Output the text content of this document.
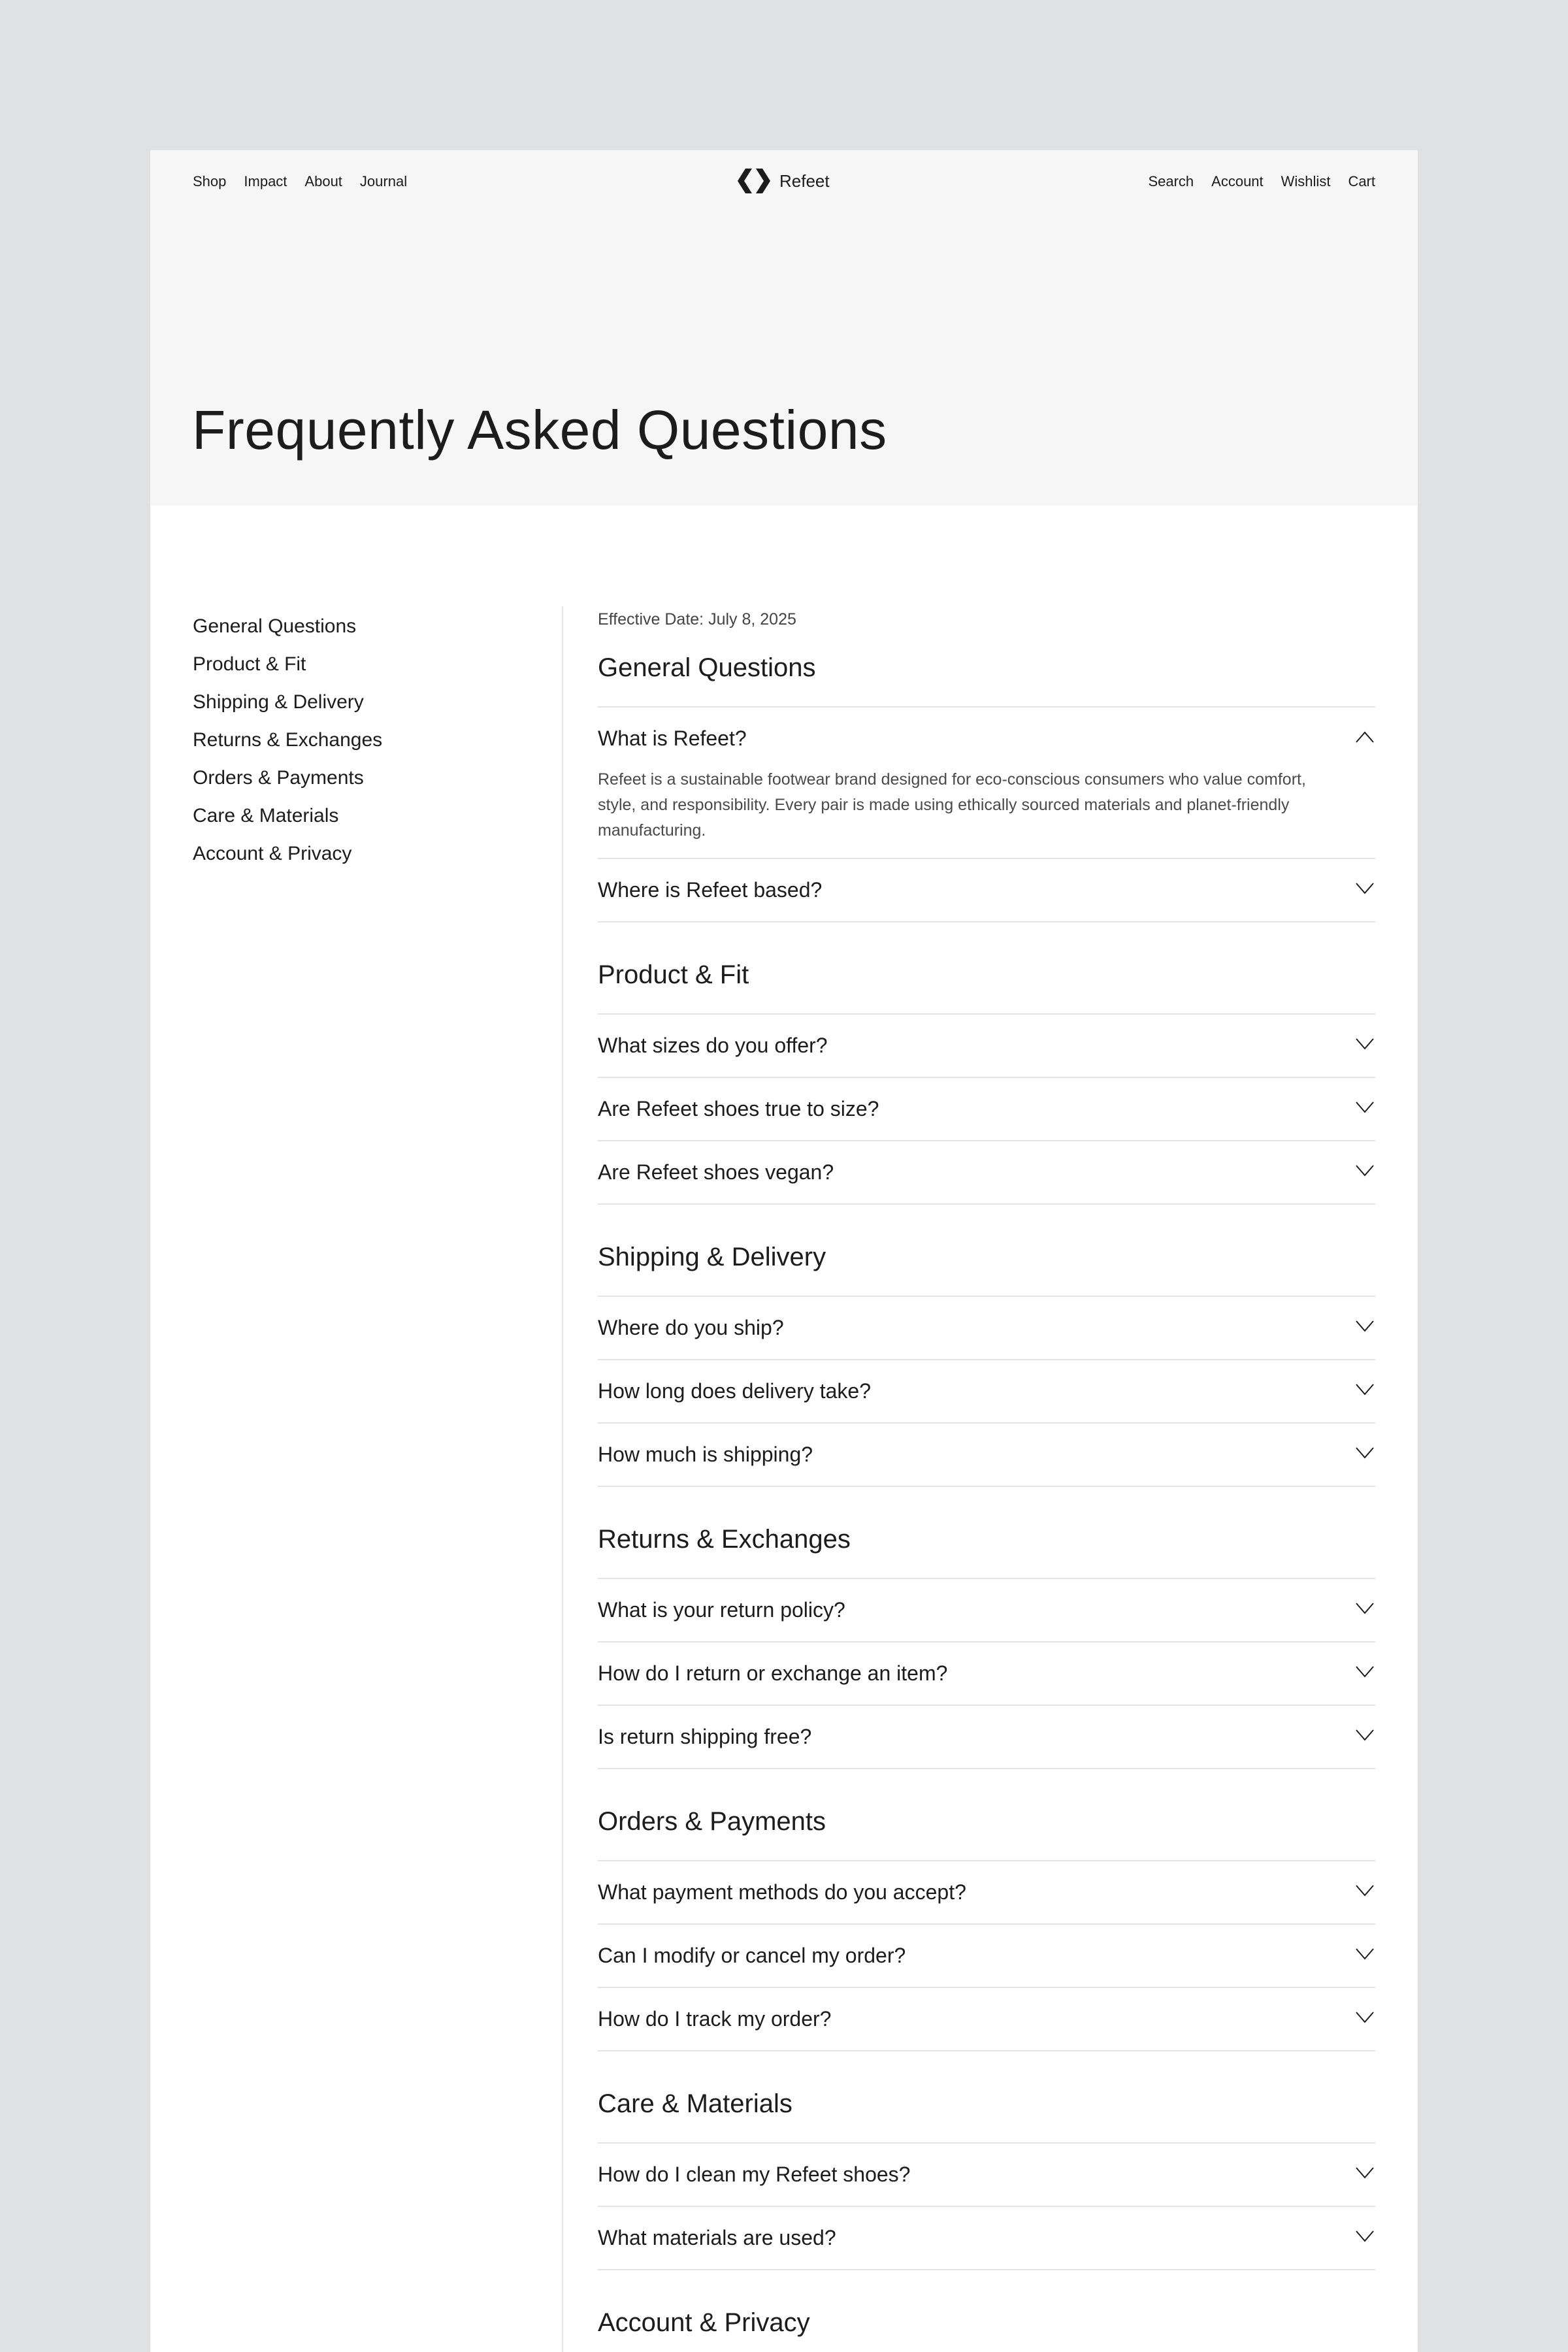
Shop Impact About Journal	Refeet	Search Account Wishlist Cart
Frequently Asked Questions
General Questions
Product & Fit
Shipping & Delivery
Returns & Exchanges
Orders & Payments
Care & Materials
Account & Privacy
Effective Date: July 8, 2025
General Questions
What is Refeet?
Refeet is a sustainable footwear brand designed for eco-conscious consumers who value comfort, style, and responsibility. Every pair is made using ethically sourced materials and planet-friendly manufacturing.
Where is Refeet based?
Product & Fit
What sizes do you offer?
Are Refeet shoes true to size?
Are Refeet shoes vegan?
Shipping & Delivery
Where do you ship?
How long does delivery take?
How much is shipping?
Returns & Exchanges
What is your return policy?
How do I return or exchange an item?
Is return shipping free?
Orders & Payments
What payment methods do you accept?
Can I modify or cancel my order?
How do I track my order?
Care & Materials
How do I clean my Refeet shoes?
What materials are used?
Account & Privacy
